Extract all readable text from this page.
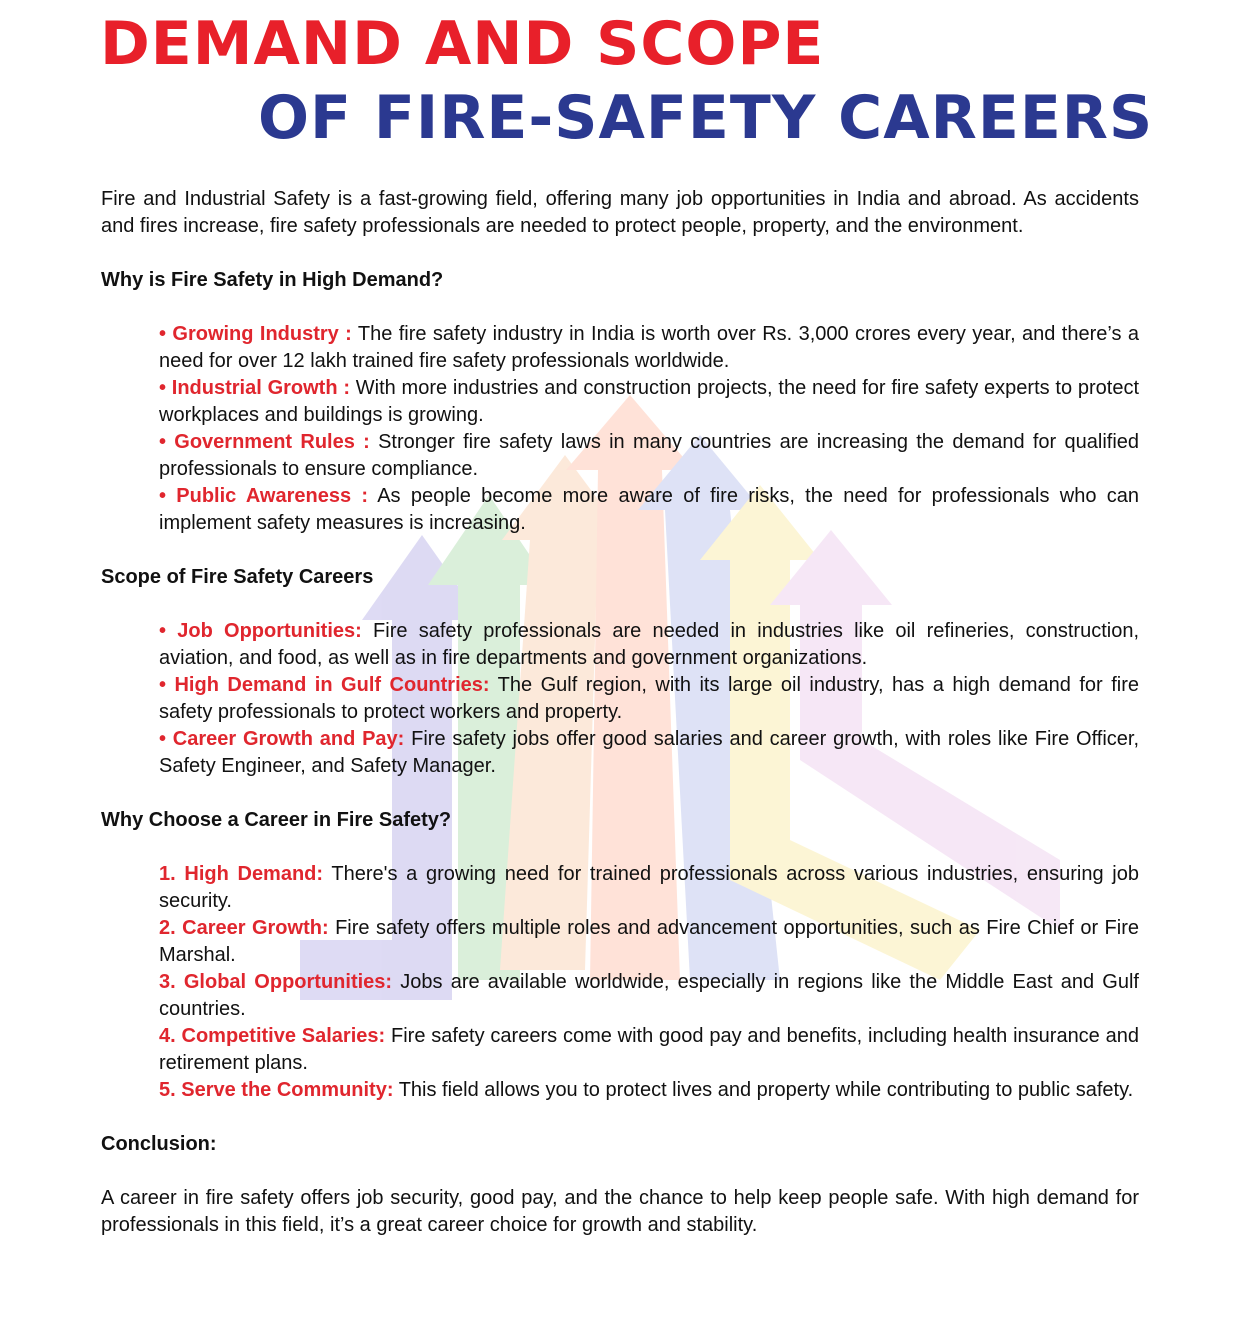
DEMAND AND SCOPE
OF FIRE-SAFETY CAREERS

Fire and Industrial Safety is a fast-growing field, offering many job opportunities in India and abroad. As accidents and fires increase, fire safety professionals are needed to protect people, property, and the environment.

Why is Fire Safety in High Demand?

• Growing Industry : The fire safety industry in India is worth over Rs. 3,000 crores every year, and there’s a need for over 12 lakh trained fire safety professionals worldwide.

• Industrial Growth : With more industries and construction projects, the need for fire safety experts to protect workplaces and buildings is growing.

• Government Rules : Stronger fire safety laws in many countries are increasing the demand for qualified professionals to ensure compliance.

• Public Awareness : As people become more aware of fire risks, the need for professionals who can implement safety measures is increasing.

Scope of Fire Safety Careers

• Job Opportunities: Fire safety professionals are needed in industries like oil refineries, construction, aviation, and food, as well as in fire departments and government organizations.

• High Demand in Gulf Countries: The Gulf region, with its large oil industry, has a high demand for fire safety professionals to protect workers and property.

• Career Growth and Pay: Fire safety jobs offer good salaries and career growth, with roles like Fire Officer, Safety Engineer, and Safety Manager.

Why Choose a Career in Fire Safety?

1. High Demand: There's a growing need for trained professionals across various industries, ensuring job security.

2. Career Growth: Fire safety offers multiple roles and advancement opportunities, such as Fire Chief or Fire Marshal.

3. Global Opportunities: Jobs are available worldwide, especially in regions like the Middle East and Gulf countries.

4. Competitive Salaries: Fire safety careers come with good pay and benefits, including health insurance and retirement plans.

5. Serve the Community: This field allows you to protect lives and property while contributing to public safety.

Conclusion:

A career in fire safety offers job security, good pay, and the chance to help keep people safe. With high demand for professionals in this field, it’s a great career choice for growth and stability.
